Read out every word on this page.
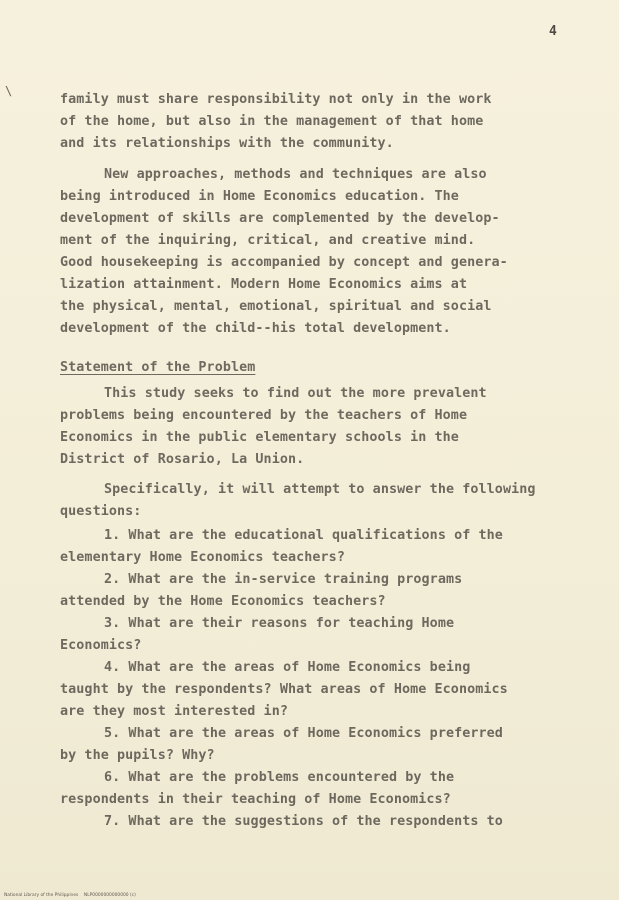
4
\
family must share responsibility not only in the work
of the home, but also in the management of that home
and its relationships with the community.
New approaches, methods and techniques are also
being introduced in Home Economics education. The
development of skills are complemented by the develop-
ment of the inquiring, critical, and creative mind.
Good housekeeping is accompanied by concept and genera-
lization attainment. Modern Home Economics aims at
the physical, mental, emotional, spiritual and social
development of the child--his total development.
Statement of the Problem
This study seeks to find out the more prevalent
problems being encountered by the teachers of Home
Economics in the public elementary schools in the
District of Rosario, La Union.
Specifically, it will attempt to answer the following
questions:
1. What are the educational qualifications of the
elementary Home Economics teachers?
2. What are the in-service training programs
attended by the Home Economics teachers?
3. What are their reasons for teaching Home
Economics?
4. What are the areas of Home Economics being
taught by the respondents? What areas of Home Economics
are they most interested in?
5. What are the areas of Home Economics preferred
by the pupils? Why?
6. What are the problems encountered by the
respondents in their teaching of Home Economics?
7. What are the suggestions of the respondents to
National Library of the Philippines    NLP0000000000000 (c)
